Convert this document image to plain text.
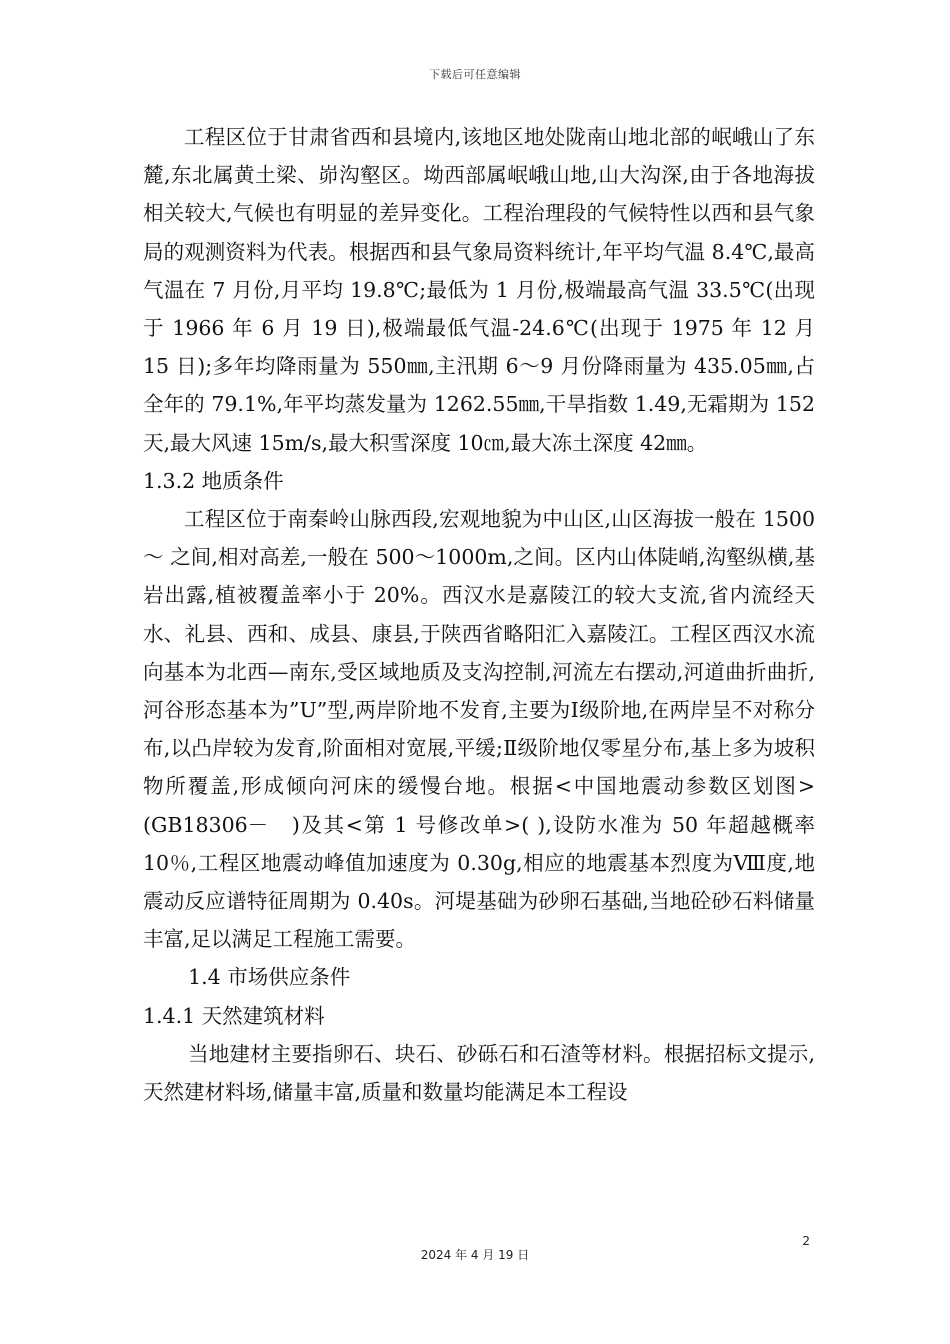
下载后可任意编辑

工程区位于甘肃省西和县境内,该地区地处陇南山地北部的岷峨山了东麓,东北属黄土梁、峁沟壑区。坳西部属岷峨山地,山大沟深,由于各地海拔相关较大,气候也有明显的差异变化。工程治理段的气候特性以西和县气象局的观测资料为代表。根据西和县气象局资料统计,年平均气温 8.4℃,最高气温在 7 月份,月平均 19.8℃;最低为 1 月份,极端最高气温 33.5℃(出现于 1966 年 6 月 19 日),极端最低气温-24.6℃(出现于 1975 年 12 月 15 日);多年均降雨量为 550㎜,主汛期 6～9 月份降雨量为 435.05㎜,占全年的 79.1%,年平均蒸发量为 1262.55㎜,干旱指数 1.49,无霜期为 152 天,最大风速 15m/s,最大积雪深度 10㎝,最大冻土深度 42㎜。

1.3.2 地质条件

工程区位于南秦岭山脉西段,宏观地貌为中山区,山区海拔一般在 1500～ 之间,相对高差,一般在 500～1000m,之间。区内山体陡峭,沟壑纵横,基岩出露,植被覆盖率小于 20%。西汉水是嘉陵江的较大支流,省内流经天水、礼县、西和、成县、康县,于陕西省略阳汇入嘉陵江。工程区西汉水流向基本为北西—南东,受区域地质及支沟控制,河流左右摆动,河道曲折曲折,河谷形态基本为”U”型,两岸阶地不发育,主要为Ⅰ级阶地,在两岸呈不对称分布,以凸岸较为发育,阶面相对宽展,平缓;Ⅱ级阶地仅零星分布,基上多为坡积物所覆盖,形成倾向河床的缓慢台地。根据<中国地震动参数区划图>(GB18306－　)及其<第 1 号修改单>( ),设防水准为 50 年超越概率 10％,工程区地震动峰值加速度为 0.30g,相应的地震基本烈度为Ⅷ度,地震动反应谱特征周期为 0.40s。河堤基础为砂卵石基础,当地砼砂石料储量丰富,足以满足工程施工需要。

1.4 市场供应条件

1.4.1 天然建筑材料

当地建材主要指卵石、块石、砂砾石和石渣等材料。根据招标文提示,天然建材料场,储量丰富,质量和数量均能满足本工程设

2
2024 年 4 月 19 日
